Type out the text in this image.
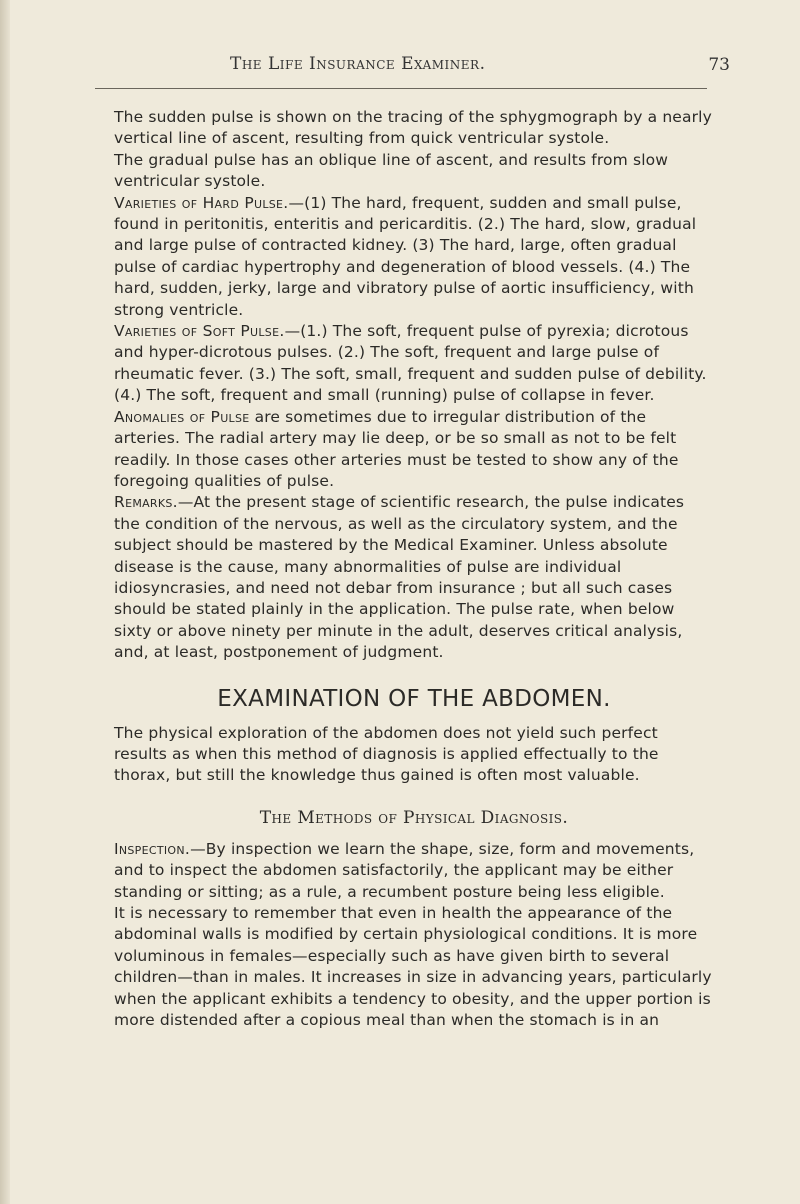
The Life Insurance Examiner.	73

The sudden pulse is shown on the tracing of the sphygmograph by a nearly vertical line of ascent, resulting from quick ventricular systole.

The gradual pulse has an oblique line of ascent, and results from slow ventricular systole.

Varieties of Hard Pulse.—(1) The hard, frequent, sudden and small pulse, found in peritonitis, enteritis and pericarditis. (2.) The hard, slow, gradual and large pulse of contracted kidney. (3) The hard, large, often gradual pulse of cardiac hypertrophy and degeneration of blood vessels. (4.) The hard, sudden, jerky, large and vibratory pulse of aortic insufficiency, with strong ventricle.

Varieties of Soft Pulse.—(1.) The soft, frequent pulse of pyrexia; dicrotous and hyper-dicrotous pulses. (2.) The soft, frequent and large pulse of rheumatic fever. (3.) The soft, small, frequent and sudden pulse of debility. (4.) The soft, frequent and small (running) pulse of collapse in fever.

Anomalies of Pulse are sometimes due to irregular distribution of the arteries. The radial artery may lie deep, or be so small as not to be felt readily. In those cases other arteries must be tested to show any of the foregoing qualities of pulse.

Remarks.—At the present stage of scientific research, the pulse indicates the condition of the nervous, as well as the circulatory system, and the subject should be mastered by the Medical Examiner. Unless absolute disease is the cause, many abnormalities of pulse are individual idiosyncrasies, and need not debar from insurance ; but all such cases should be stated plainly in the application. The pulse rate, when below sixty or above ninety per minute in the adult, deserves critical analysis, and, at least, postponement of judgment.

EXAMINATION OF THE ABDOMEN.

The physical exploration of the abdomen does not yield such perfect results as when this method of diagnosis is applied effectually to the thorax, but still the knowledge thus gained is often most valuable.

The Methods of Physical Diagnosis.

Inspection.—By inspection we learn the shape, size, form and movements, and to inspect the abdomen satisfactorily, the applicant may be either standing or sitting; as a rule, a recumbent posture being less eligible.

It is necessary to remember that even in health the appearance of the abdominal walls is modified by certain physiological conditions. It is more voluminous in females—especially such as have given birth to several children—than in males. It increases in size in advancing years, particularly when the applicant exhibits a tendency to obesity, and the upper portion is more distended after a copious meal than when the stomach is in an
